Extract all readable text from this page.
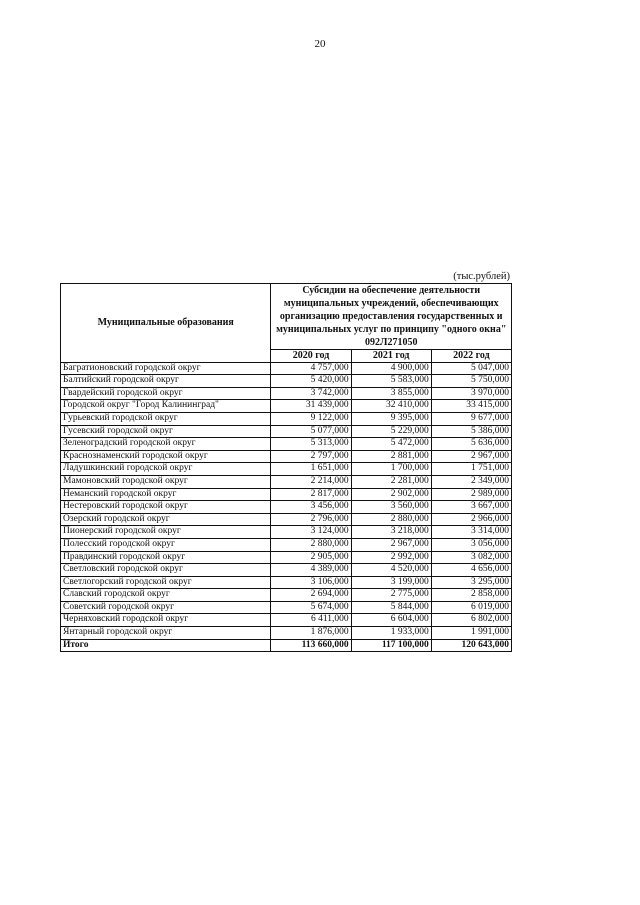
20
(тыс.рублей)
Муниципальные образования	Субсидии на обеспечение деятельности муниципальных учреждений, обеспечивающих организацию предоставления государственных и муниципальных услуг по принципу "одного окна" 092Л271050		
	2020 год	2021 год	2022 год
Багратионовский городской округ	4 757,000	4 900,000	5 047,000
Балтийский городской округ	5 420,000	5 583,000	5 750,000
Гвардейский городской округ	3 742,000	3 855,000	3 970,000
Городской округ "Город Калининград"	31 439,000	32 410,000	33 415,000
Гурьевский городской округ	9 122,000	9 395,000	9 677,000
Гусевский городской округ	5 077,000	5 229,000	5 386,000
Зеленоградский городской округ	5 313,000	5 472,000	5 636,000
Краснознаменский городской округ	2 797,000	2 881,000	2 967,000
Ладушкинский городской округ	1 651,000	1 700,000	1 751,000
Мамоновский городской округ	2 214,000	2 281,000	2 349,000
Неманский городской округ	2 817,000	2 902,000	2 989,000
Нестеровский городской округ	3 456,000	3 560,000	3 667,000
Озерский городской округ	2 796,000	2 880,000	2 966,000
Пионерский городской округ	3 124,000	3 218,000	3 314,000
Полесский городской округ	2 880,000	2 967,000	3 056,000
Правдинский городской округ	2 905,000	2 992,000	3 082,000
Светловский городской округ	4 389,000	4 520,000	4 656,000
Светлогорский городской округ	3 106,000	3 199,000	3 295,000
Славский городской округ	2 694,000	2 775,000	2 858,000
Советский городской округ	5 674,000	5 844,000	6 019,000
Черняховский городской округ	6 411,000	6 604,000	6 802,000
Янтарный городской округ	1 876,000	1 933,000	1 991,000
Итого	113 660,000	117 100,000	120 643,000
